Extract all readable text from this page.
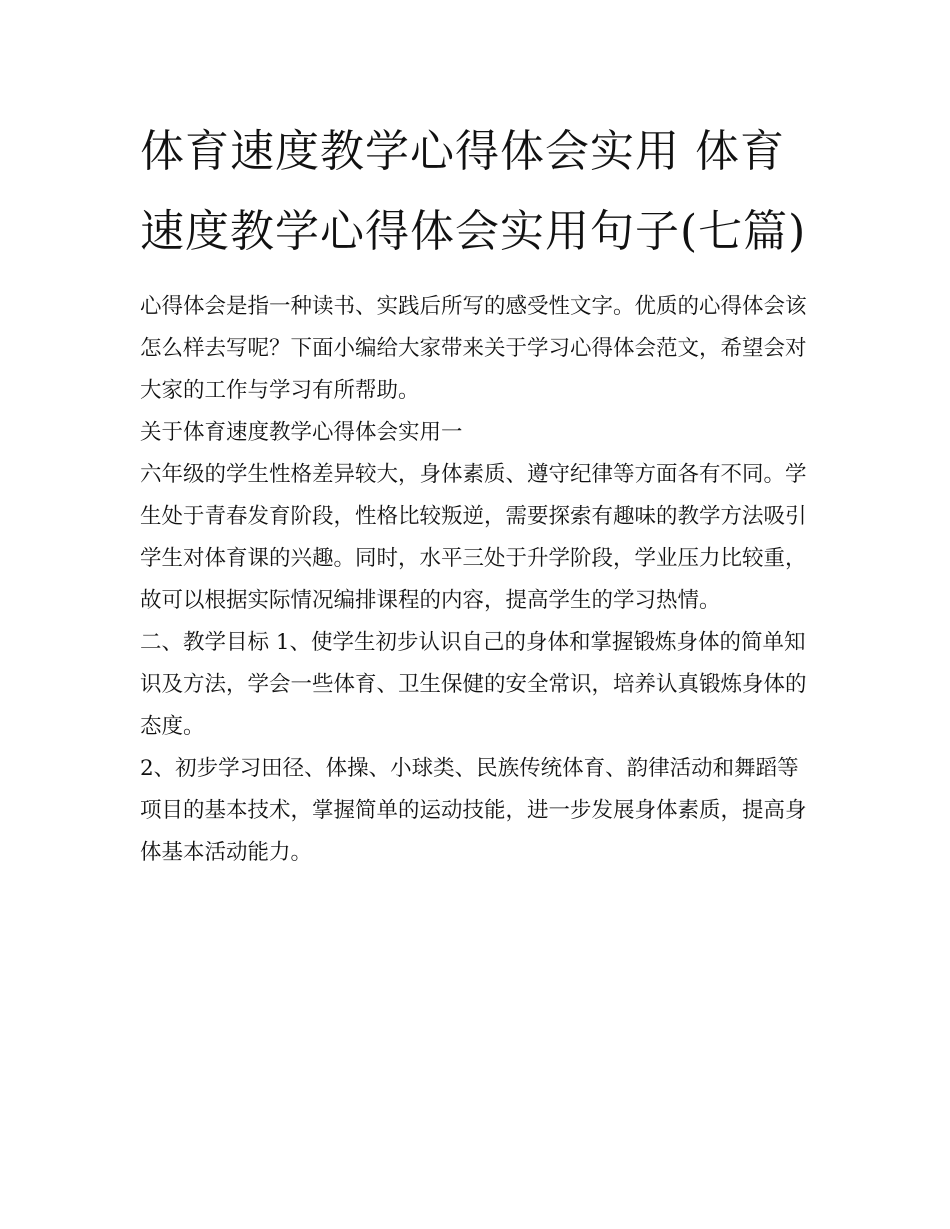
体育速度教学心得体会实用 体育速度教学心得体会实用句子(七篇)

心得体会是指一种读书、实践后所写的感受性文字。优质的心得体会该怎么样去写呢？下面小编给大家带来关于学习心得体会范文，希望会对大家的工作与学习有所帮助。

关于体育速度教学心得体会实用一

六年级的学生性格差异较大，身体素质、遵守纪律等方面各有不同。学生处于青春发育阶段，性格比较叛逆，需要探索有趣味的教学方法吸引学生对体育课的兴趣。同时，水平三处于升学阶段，学业压力比较重，故可以根据实际情况编排课程的内容，提高学生的学习热情。

二、教学目标 1、使学生初步认识自己的身体和掌握锻炼身体的简单知识及方法，学会一些体育、卫生保健的安全常识，培养认真锻炼身体的态度。

2、初步学习田径、体操、小球类、民族传统体育、韵律活动和舞蹈等项目的基本技术，掌握简单的运动技能，进一步发展身体素质，提高身体基本活动能力。
